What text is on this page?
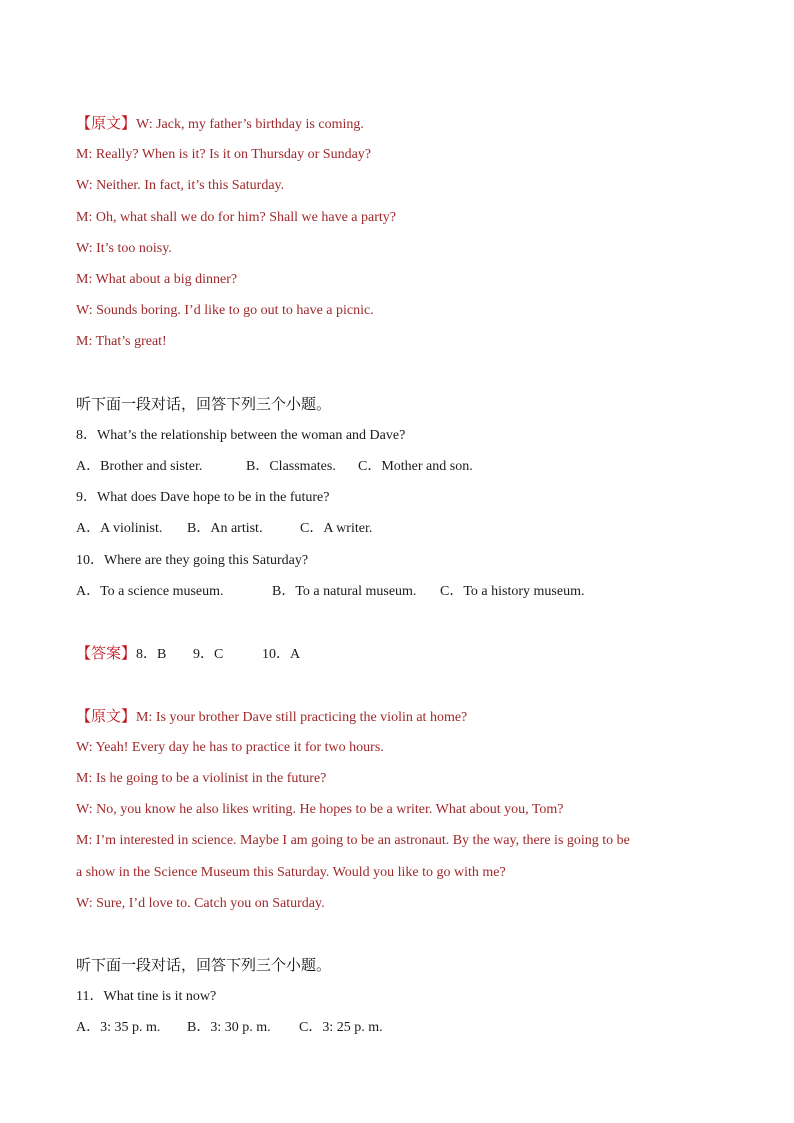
【原文】W: Jack, my father’s birthday is coming.
M: Really? When is it? Is it on Thursday or Sunday?
W: Neither. In fact, it’s this Saturday.
M: Oh, what shall we do for him? Shall we have a party?
W: It’s too noisy.
M: What about a big dinner?
W: Sounds boring. I’d like to go out to have a picnic.
M: That’s great!
听下面一段对话，回答下列三个小题。
8．What’s the relationship between the woman and Dave?
A．Brother and sister.	B．Classmates. C．Mother and son.
9．What does Dave hope to be in the future?
A．A violinist. B．An artist.	C．A writer.
10．Where are they going this Saturday?
A．To a science museum.	B．To a natural museum. C．To a history museum.
【答案】8．B 9．C	10．A
【原文】M: Is your brother Dave still practicing the violin at home?
W: Yeah! Every day he has to practice it for two hours.
M: Is he going to be a violinist in the future?
W: No, you know he also likes writing. He hopes to be a writer. What about you, Tom?
M: I’m interested in science. Maybe I am going to be an astronaut. By the way, there is going to be
a show in the Science Museum this Saturday. Would you like to go with me?
W: Sure, I’d love to. Catch you on Saturday.
听下面一段对话，回答下列三个小题。
11．What tine is it now?
A．3: 35 p. m. B．3: 30 p. m. C．3: 25 p. m.
